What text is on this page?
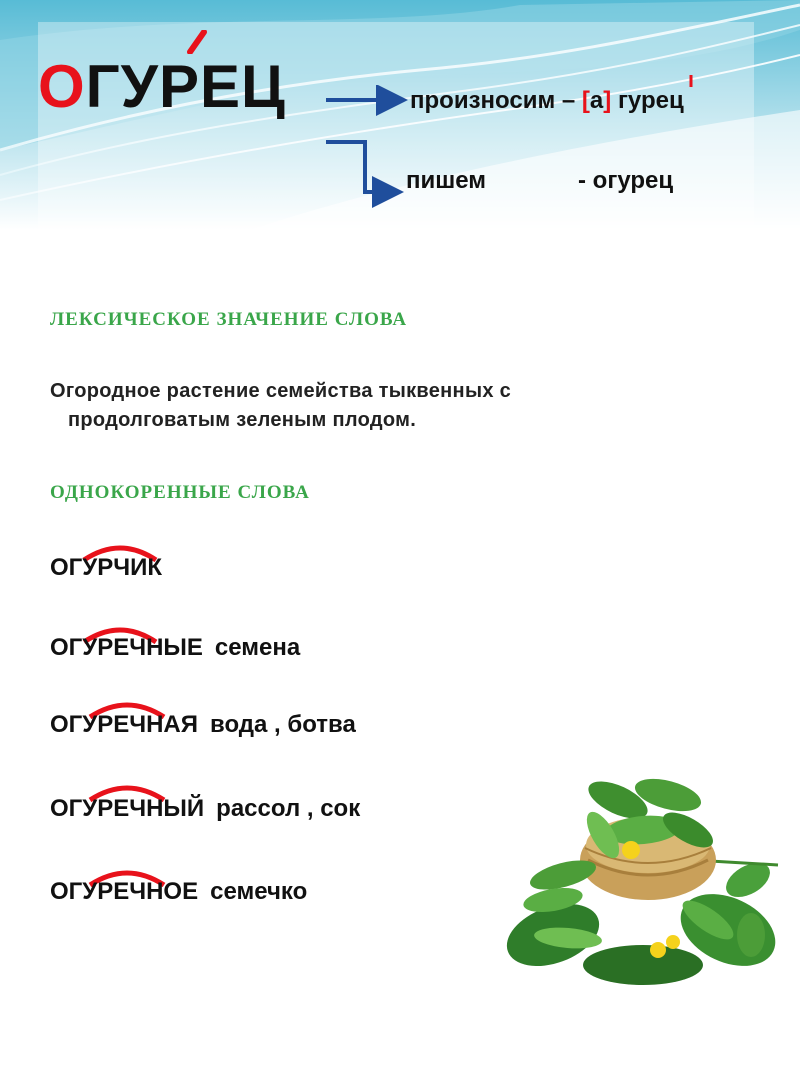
ОГУРЕЦ	произносим – [а] гурец

пишем	- огурец

ЛЕКСИЧЕСКОЕ ЗНАЧЕНИЕ СЛОВА

Огородное растение семейства тыквенных с
продолговатым зеленым плодом.

ОДНОКОРЕННЫЕ СЛОВА

ОГУРЧИК

ОГУРЕЧНЫЕ семена

ОГУРЕЧНАЯ вода , ботва

ОГУРЕЧНЫЙ рассол , сок

ОГУРЕЧНОЕ семечко
